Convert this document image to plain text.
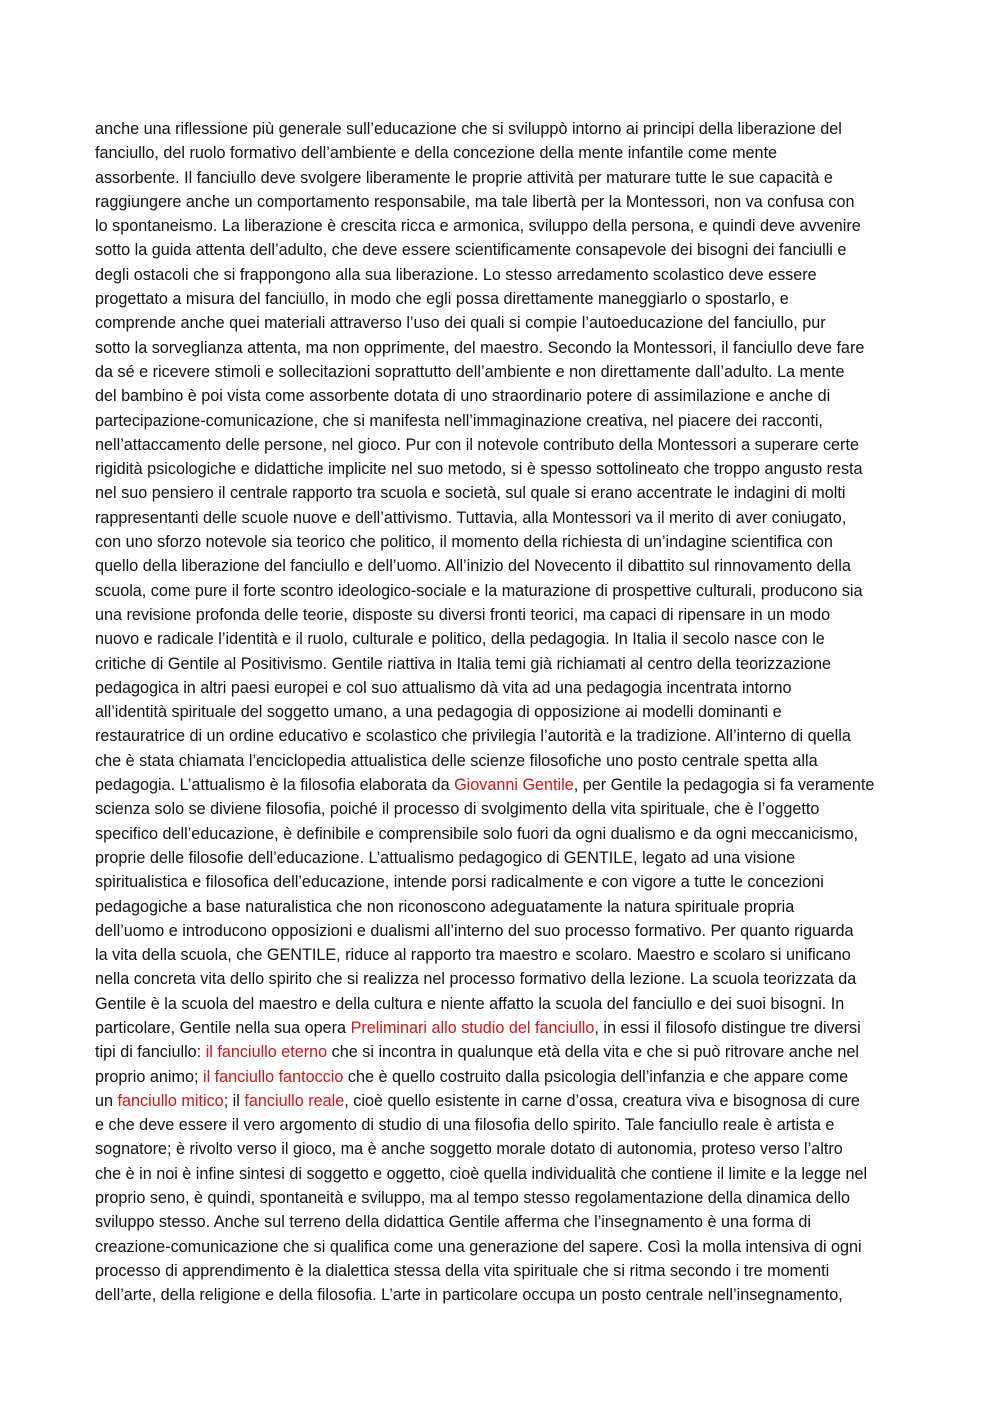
anche una riflessione più generale sull’educazione che si sviluppò intorno ai principi della liberazione del
fanciullo, del ruolo formativo dell’ambiente e della concezione della mente infantile come mente
assorbente. Il fanciullo deve svolgere liberamente le proprie attività per maturare tutte le sue capacità e
raggiungere anche un comportamento responsabile, ma tale libertà per la Montessori, non va confusa con
lo spontaneismo. La liberazione è crescita ricca e armonica, sviluppo della persona, e quindi deve avvenire
sotto la guida attenta dell’adulto, che deve essere scientificamente consapevole dei bisogni dei fanciulli e
degli ostacoli che si frappongono alla sua liberazione. Lo stesso arredamento scolastico deve essere
progettato a misura del fanciullo, in modo che egli possa direttamente maneggiarlo o spostarlo, e
comprende anche quei materiali attraverso l’uso dei quali si compie l’autoeducazione del fanciullo, pur
sotto la sorveglianza attenta, ma non opprimente, del maestro. Secondo la Montessori, il fanciullo deve fare
da sé e ricevere stimoli e sollecitazioni soprattutto dell’ambiente e non direttamente dall’adulto. La mente
del bambino è poi vista come assorbente dotata di uno straordinario potere di assimilazione e anche di
partecipazione-comunicazione, che si manifesta nell’immaginazione creativa, nel piacere dei racconti,
nell’attaccamento delle persone, nel gioco. Pur con il notevole contributo della Montessori a superare certe
rigidità psicologiche e didattiche implicite nel suo metodo, si è spesso sottolineato che troppo angusto resta
nel suo pensiero il centrale rapporto tra scuola e società, sul quale si erano accentrate le indagini di molti
rappresentanti delle scuole nuove e dell’attivismo. Tuttavia, alla Montessori va il merito di aver coniugato,
con uno sforzo notevole sia teorico che politico, il momento della richiesta di un’indagine scientifica con
quello della liberazione del fanciullo e dell’uomo. All’inizio del Novecento il dibattito sul rinnovamento della
scuola, come pure il forte scontro ideologico-sociale e la maturazione di prospettive culturali, producono sia
una revisione profonda delle teorie, disposte su diversi fronti teorici, ma capaci di ripensare in un modo
nuovo e radicale l’identità e il ruolo, culturale e politico, della pedagogia. In Italia il secolo nasce con le
critiche di Gentile al Positivismo. Gentile riattiva in Italia temi già richiamati al centro della teorizzazione
pedagogica in altri paesi europei e col suo attualismo dà vita ad una pedagogia incentrata intorno
all’identità spirituale del soggetto umano, a una pedagogia di opposizione ai modelli dominanti e
restauratrice di un ordine educativo e scolastico che privilegia l’autorità e la tradizione. All’interno di quella
che è stata chiamata l’enciclopedia attualistica delle scienze filosofiche uno posto centrale spetta alla
pedagogia. L’attualismo è la filosofia elaborata da Giovanni Gentile, per Gentile la pedagogia si fa veramente
scienza solo se diviene filosofia, poiché il processo di svolgimento della vita spirituale, che è l’oggetto
specifico dell’educazione, è definibile e comprensibile solo fuori da ogni dualismo e da ogni meccanicismo,
proprie delle filosofie dell’educazione. L’attualismo pedagogico di GENTILE, legato ad una visione
spiritualistica e filosofica dell’educazione, intende porsi radicalmente e con vigore a tutte le concezioni
pedagogiche a base naturalistica che non riconoscono adeguatamente la natura spirituale propria
dell’uomo e introducono opposizioni e dualismi all’interno del suo processo formativo. Per quanto riguarda
la vita della scuola, che GENTILE, riduce al rapporto tra maestro e scolaro. Maestro e scolaro si unificano
nella concreta vita dello spirito che si realizza nel processo formativo della lezione. La scuola teorizzata da
Gentile è la scuola del maestro e della cultura e niente affatto la scuola del fanciullo e dei suoi bisogni. In
particolare, Gentile nella sua opera Preliminari allo studio del fanciullo, in essi il filosofo distingue tre diversi
tipi di fanciullo: il fanciullo eterno che si incontra in qualunque età della vita e che si può ritrovare anche nel
proprio animo; il fanciullo fantoccio che è quello costruito dalla psicologia dell’infanzia e che appare come
un fanciullo mitico; il fanciullo reale, cioè quello esistente in carne d’ossa, creatura viva e bisognosa di cure
e che deve essere il vero argomento di studio di una filosofia dello spirito. Tale fanciullo reale è artista e
sognatore; è rivolto verso il gioco, ma è anche soggetto morale dotato di autonomia, proteso verso l’altro
che è in noi è infine sintesi di soggetto e oggetto, cioè quella individualità che contiene il limite e la legge nel
proprio seno, è quindi, spontaneità e sviluppo, ma al tempo stesso regolamentazione della dinamica dello
sviluppo stesso. Anche sul terreno della didattica Gentile afferma che l’insegnamento è una forma di
creazione-comunicazione che si qualifica come una generazione del sapere. Così la molla intensiva di ogni
processo di apprendimento è la dialettica stessa della vita spirituale che si ritma secondo i tre momenti
dell’arte, della religione e della filosofia. L’arte in particolare occupa un posto centrale nell’insegnamento,
